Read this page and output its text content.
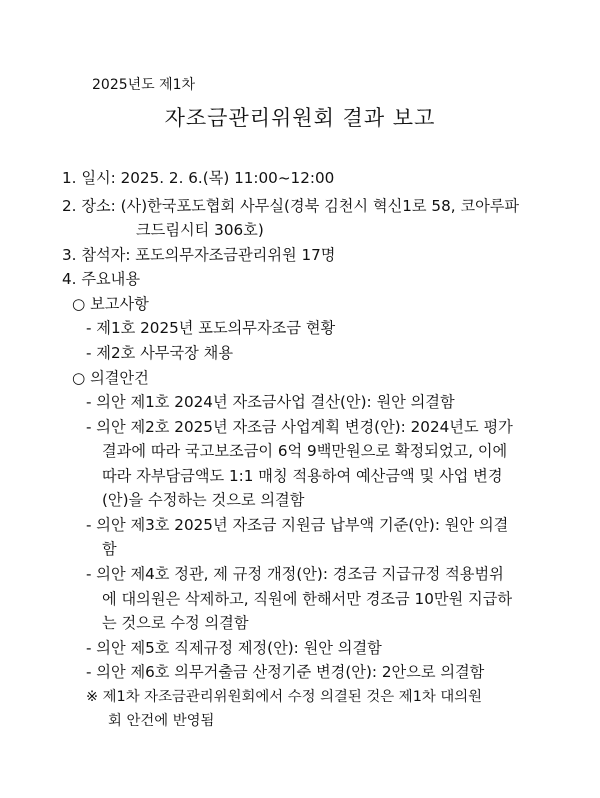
2025년도 제1차
자조금관리위원회 결과 보고
1. 일시: 2025. 2. 6.(목) 11:00~12:00
2. 장소: (사)한국포도협회 사무실(경북 김천시 혁신1로 58, 코아루파
크드림시티 306호)
3. 참석자: 포도의무자조금관리위원 17명
4. 주요내용
○ 보고사항
- 제1호 2025년 포도의무자조금 현황
- 제2호 사무국장 채용
○ 의결안건
- 의안 제1호 2024년 자조금사업 결산(안): 원안 의결함
- 의안 제2호 2025년 자조금 사업계획 변경(안): 2024년도 평가
결과에 따라 국고보조금이 6억 9백만원으로 확정되었고, 이에
따라 자부담금액도 1:1 매칭 적용하여 예산금액 및 사업 변경
(안)을 수정하는 것으로 의결함
- 의안 제3호 2025년 자조금 지원금 납부액 기준(안): 원안 의결
함
- 의안 제4호 정관, 제 규정 개정(안): 경조금 지급규정 적용범위
에 대의원은 삭제하고, 직원에 한해서만 경조금 10만원 지급하
는 것으로 수정 의결함
- 의안 제5호 직제규정 제정(안): 원안 의결함
- 의안 제6호 의무거출금 산정기준 변경(안): 2안으로 의결함
※ 제1차 자조금관리위원회에서 수정 의결된 것은 제1차 대의원
회 안건에 반영됨
